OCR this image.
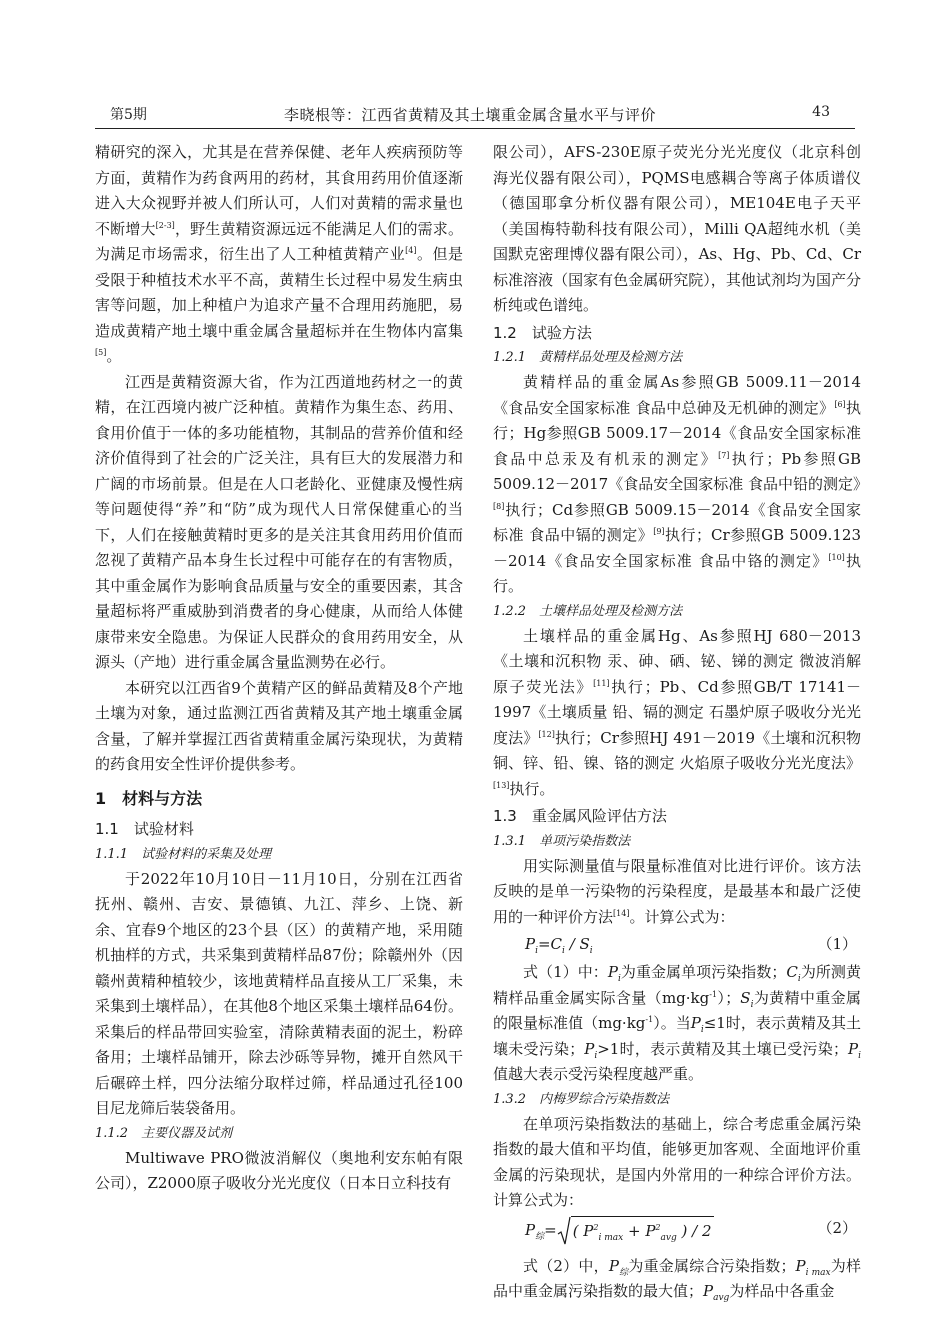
第5期	李晓根等：江西省黄精及其土壤重金属含量水平与评价	43

精研究的深入，尤其是在营养保健、老年人疾病预防等方面，黄精作为药食两用的药材，其食用药用价值逐渐进入大众视野并被人们所认可，人们对黄精的需求量也不断增大[2-3]，野生黄精资源远远不能满足人们的需求。为满足市场需求，衍生出了人工种植黄精产业[4]。但是受限于种植技术水平不高，黄精生长过程中易发生病虫害等问题，加上种植户为追求产量不合理用药施肥，易造成黄精产地土壤中重金属含量超标并在生物体内富集[5]。

江西是黄精资源大省，作为江西道地药材之一的黄精，在江西境内被广泛种植。黄精作为集生态、药用、食用价值于一体的多功能植物，其制品的营养价值和经济价值得到了社会的广泛关注，具有巨大的发展潜力和广阔的市场前景。但是在人口老龄化、亚健康及慢性病等问题使得“养”和“防”成为现代人日常保健重心的当下，人们在接触黄精时更多的是关注其食用药用价值而忽视了黄精产品本身生长过程中可能存在的有害物质，其中重金属作为影响食品质量与安全的重要因素，其含量超标将严重威胁到消费者的身心健康，从而给人体健康带来安全隐患。为保证人民群众的食用药用安全，从源头（产地）进行重金属含量监测势在必行。

本研究以江西省9个黄精产区的鲜品黄精及8个产地土壤为对象，通过监测江西省黄精及其产地土壤重金属含量，了解并掌握江西省黄精重金属污染现状，为黄精的药食用安全性评价提供参考。

1　材料与方法

1.1　试验材料

1.1.1　试验材料的采集及处理

于2022年10月10日－11月10日，分别在江西省抚州、赣州、吉安、景德镇、九江、萍乡、上饶、新余、宜春9个地区的23个县（区）的黄精产地，采用随机抽样的方式，共采集到黄精样品87份；除赣州外（因赣州黄精种植较少，该地黄精样品直接从工厂采集，未采集到土壤样品），在其他8个地区采集土壤样品64份。采集后的样品带回实验室，清除黄精表面的泥土，粉碎备用；土壤样品铺开，除去沙砾等异物，摊开自然风干后碾碎土样，四分法缩分取样过筛，样品通过孔径100目尼龙筛后装袋备用。

1.1.2　主要仪器及试剂

Multiwave PRO微波消解仪（奥地利安东帕有限公司），Z2000原子吸收分光光度仪（日本日立科技有

限公司），AFS-230E原子荧光分光光度仪（北京科创海光仪器有限公司），PQMS电感耦合等离子体质谱仪（德国耶拿分析仪器有限公司），ME104E电子天平（美国梅特勒科技有限公司），Milli QA超纯水机（美国默克密理博仪器有限公司），As、Hg、Pb、Cd、Cr标准溶液（国家有色金属研究院），其他试剂均为国产分析纯或色谱纯。

1.2　试验方法

1.2.1　黄精样品处理及检测方法

黄精样品的重金属As参照GB 5009.11－2014《食品安全国家标准 食品中总砷及无机砷的测定》[6]执行；Hg参照GB 5009.17－2014《食品安全国家标准 食品中总汞及有机汞的测定》[7]执行；Pb参照GB 5009.12－2017《食品安全国家标准 食品中铅的测定》[8]执行；Cd参照GB 5009.15－2014《食品安全国家标准 食品中镉的测定》[9]执行；Cr参照GB 5009.123－2014《食品安全国家标准 食品中铬的测定》[10]执行。

1.2.2　土壤样品处理及检测方法

土壤样品的重金属Hg、As参照HJ 680－2013《土壤和沉积物 汞、砷、硒、铋、锑的测定 微波消解原子荧光法》[11]执行；Pb、Cd参照GB/T 17141－1997《土壤质量 铅、镉的测定 石墨炉原子吸收分光光度法》[12]执行；Cr参照HJ 491－2019《土壤和沉积物 铜、锌、铅、镍、铬的测定 火焰原子吸收分光光度法》[13]执行。

1.3　重金属风险评估方法

1.3.1　单项污染指数法

用实际测量值与限量标准值对比进行评价。该方法反映的是单一污染物的污染程度，是最基本和最广泛使用的一种评价方法[14]。计算公式为：

$P_i=C_i / S_i$	（1）

式（1）中：$P_i$为重金属单项污染指数；$C_i$为所测黄精样品重金属实际含量$(mg\cdot kg^{-1})$；$S_i$为黄精中重金属的限量标准值$(mg\cdot kg^{-1})$。当$P_i\le 1$时，表示黄精及其土壤未受污染；$P_i>1$时，表示黄精及其土壤已受污染；$P_i$值越大表示受污染程度越严重。

1.3.2　内梅罗综合污染指数法

在单项污染指数法的基础上，综合考虑重金属污染指数的最大值和平均值，能够更加客观、全面地评价重金属的污染现状，是国内外常用的一种综合评价方法。计算公式为：

$P_综=$ ( $P^2_{i max} + P^2_{avg}$ ) / 2	（2）

式（2）中，$P_综$为重金属综合污染指数；$P_{i max}$为样品中重金属污染指数的最大值；$P_{avg}$为样品中各重金
